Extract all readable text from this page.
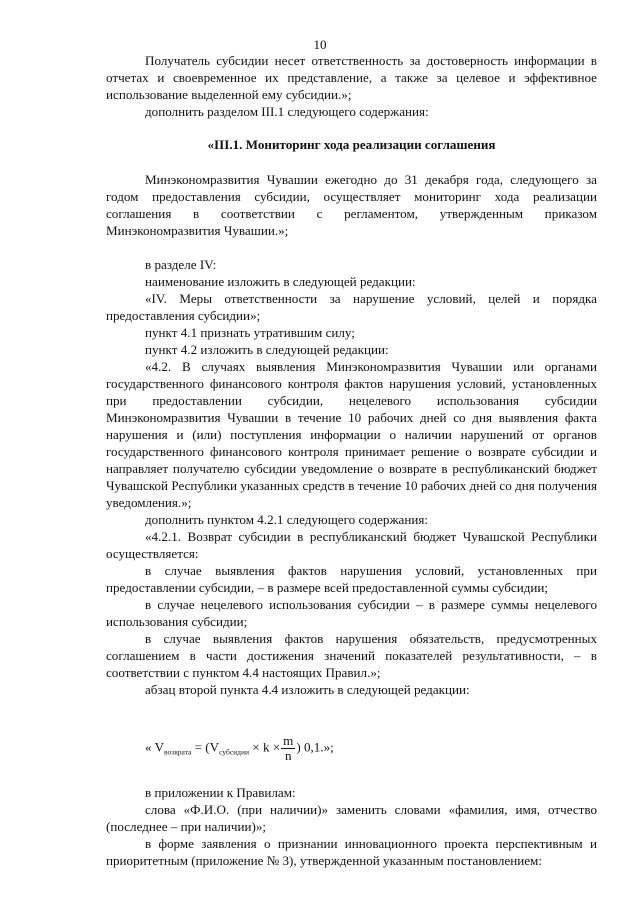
10

Получатель субсидии несет ответственность за достоверность информации в отчетах и своевременное их представление, а также за целевое и эффективное использование выделенной ему субсидии.»;

дополнить разделом III.1 следующего содержания:

«III.1. Мониторинг хода реализации соглашения

Минэкономразвития Чувашии ежегодно до 31 декабря года, следующего за годом предоставления субсидии, осуществляет мониторинг хода реализации соглашения в соответствии с регламентом, утвержденным приказом Минэкономразвития Чувашии.»;

в разделе IV:

наименование изложить в следующей редакции:

«IV. Меры ответственности за нарушение условий, целей и порядка предоставления субсидии»;

пункт 4.1 признать утратившим силу;

пункт 4.2 изложить в следующей редакции:

«4.2. В случаях выявления Минэкономразвития Чувашии или органами государственного финансового контроля фактов нарушения условий, установленных при предоставлении субсидии, нецелевого использования субсидии Минэкономразвития Чувашии в течение 10 рабочих дней со дня выявления факта нарушения и (или) поступления информации о наличии нарушений от органов государственного финансового контроля принимает решение о возврате субсидии и направляет получателю субсидии уведомление о возврате в республиканский бюджет Чувашской Республики указанных средств в течение 10 рабочих дней со дня получения уведомления.»;

дополнить пунктом 4.2.1 следующего содержания:

«4.2.1. Возврат субсидии в республиканский бюджет Чувашской Республики осуществляется:

в случае выявления фактов нарушения условий, установленных при предоставлении субсидии, – в размере всей предоставленной суммы субсидии;

в случае нецелевого использования субсидии – в размере суммы нецелевого использования субсидии;

в случае выявления фактов нарушения обязательств, предусмотренных соглашением в части достижения значений показателей результативности, – в соответствии с пунктом 4.4 настоящих Правил.»;

абзац второй пункта 4.4 изложить в следующей редакции:

« $V_{возврата} = (V_{субсидии} \times k \times \frac{m}{n}$ ) 0,1.»;

в приложении к Правилам:

слова «Ф.И.О. (при наличии)» заменить словами «фамилия, имя, отчество (последнее – при наличии)»;

в форме заявления о признании инновационного проекта перспективным и приоритетным (приложение № 3), утвержденной указанным постановлением:
